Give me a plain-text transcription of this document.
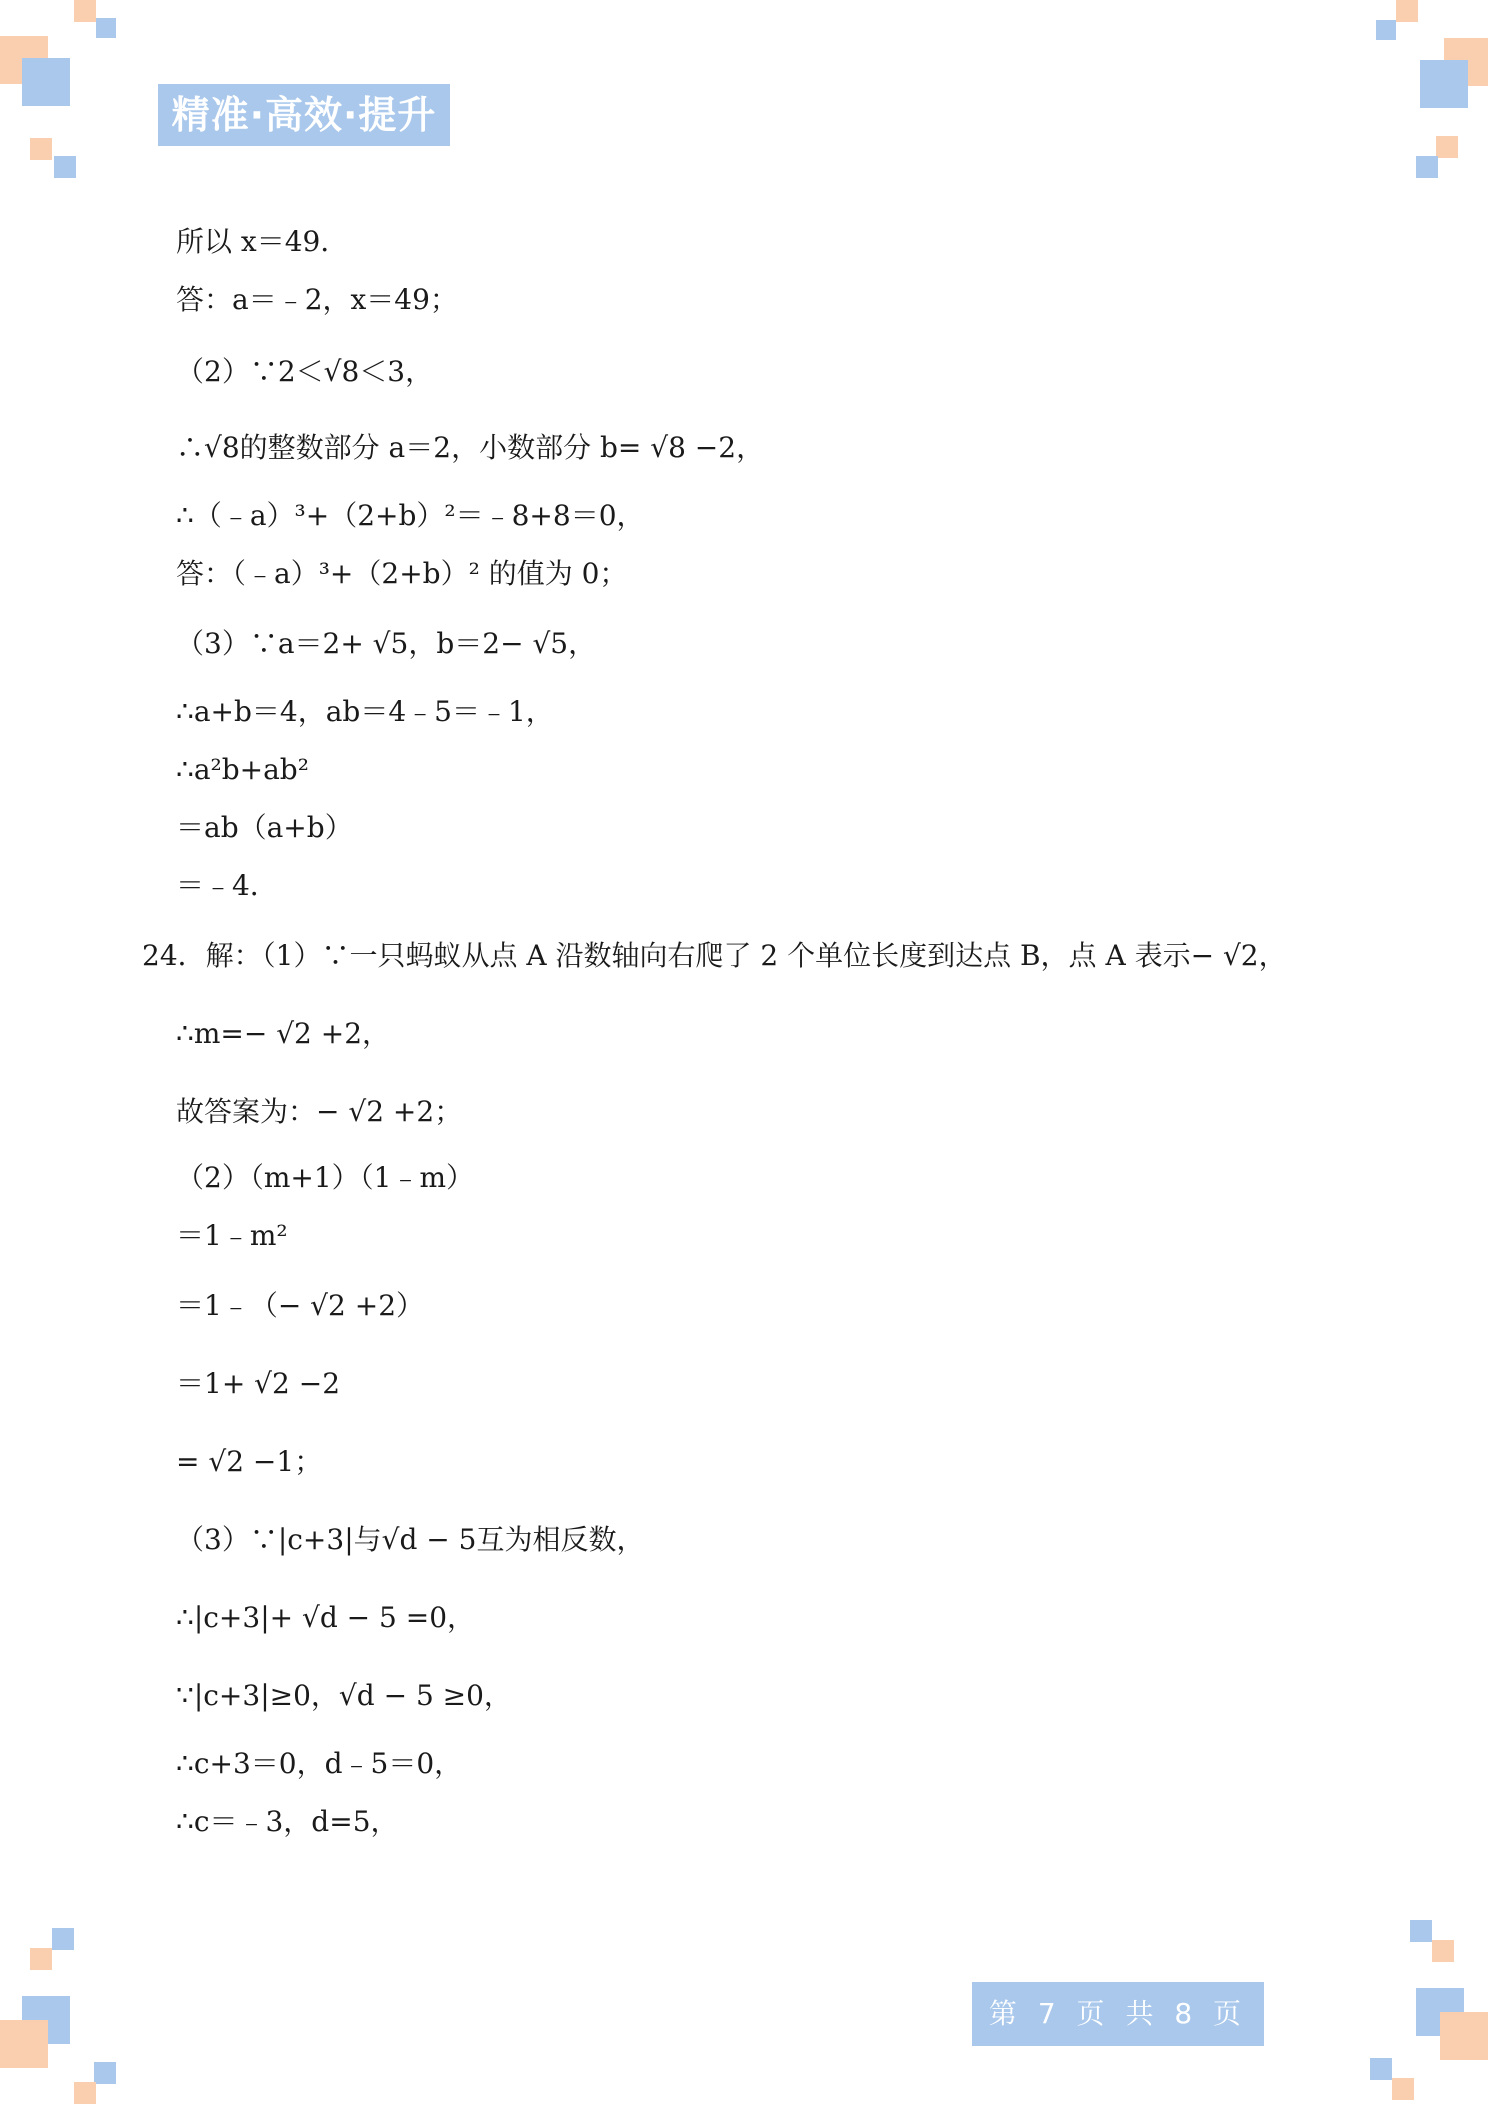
精准·高效·提升
所以 x＝49．
答：a＝﹣2，x＝49；
（2）∵2＜√8＜3，
∴√8的整数部分 a＝2，小数部分 b= √8 −2，
∴（﹣a）³+（2+b）²＝﹣8+8＝0，
答：（﹣a）³+（2+b）² 的值为 0；
（3）∵a＝2+ √5，b＝2− √5，
∴a+b＝4，ab＝4﹣5＝﹣1，
∴a²b+ab²
＝ab（a+b）
＝﹣4．
24．解：（1）∵一只蚂蚁从点 A 沿数轴向右爬了 2 个单位长度到达点 B，点 A 表示− √2，
∴m=− √2 +2，
故答案为：− √2 +2；
（2）（m+1）（1﹣m）
＝1﹣m²
＝1﹣（− √2 +2）
＝1+ √2 −2
= √2 −1；
（3）∵|c+3|与√d − 5互为相反数，
∴|c+3|+ √d − 5 =0，
∵|c+3|≥0，√d − 5 ≥0，
∴c+3＝0，d﹣5＝0，
∴c＝﹣3，d=5，
第 7 页 共 8 页
